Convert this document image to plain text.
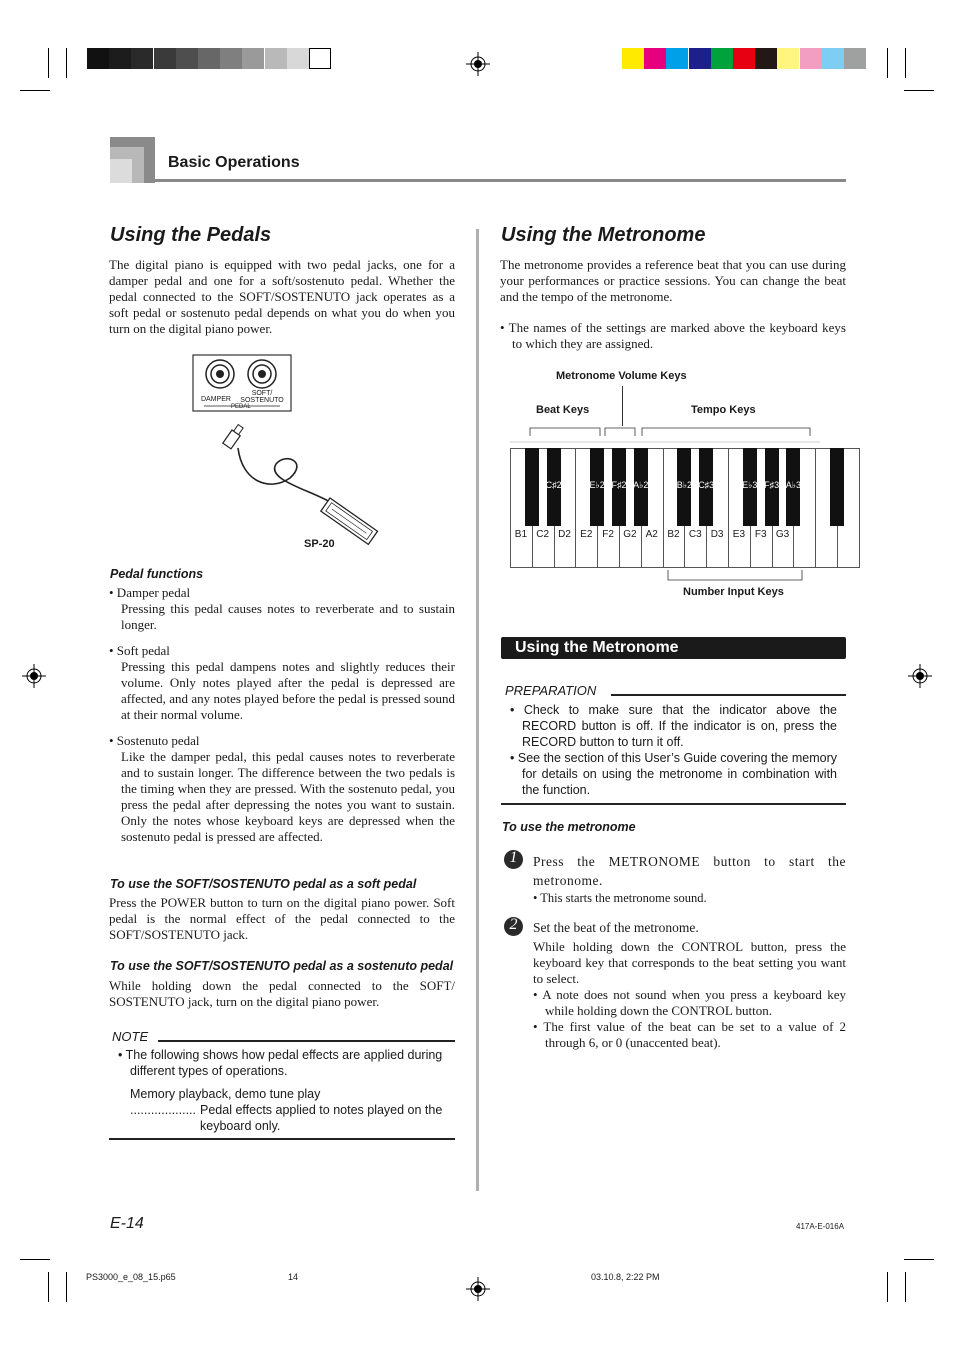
Basic Operations
Using the Pedals
The digital piano is equipped with two pedal jacks, one for a damper pedal and one for a soft/sostenuto pedal. Whether the pedal connected to the SOFT/SOSTENUTO jack operates as a soft pedal or sostenuto pedal depends on what you do when you turn on the digital piano power.
DAMPER
SOFT/
SOSTENUTO
PEDAL
SP-20
Pedal functions
• Damper pedal
Pressing this pedal causes notes to reverberate and to sustain longer.
• Soft pedal
Pressing this pedal dampens notes and slightly reduces their volume. Only notes played after the pedal is depressed are affected, and any notes played before the pedal is pressed sound at their normal volume.
• Sostenuto pedal
Like the damper pedal, this pedal causes notes to reverberate and to sustain longer. The difference between the two pedals is the timing when they are pressed. With the sostenuto pedal, you press the pedal after depressing the notes you want to sustain. Only the notes whose keyboard keys are depressed when the sostenuto pedal is pressed are affected.
To use the SOFT/SOSTENUTO pedal as a soft pedal
Press the POWER button to turn on the digital piano power. Soft pedal is the normal effect of the pedal connected to the SOFT/SOSTENUTO jack.
To use the SOFT/SOSTENUTO pedal as a sostenuto pedal
While holding down the pedal connected to the SOFT/ SOSTENUTO jack, turn on the digital piano power.
NOTE
• The following shows how pedal effects are applied during different types of operations.
Memory playback, demo tune play
................... Pedal effects applied to notes played on the keyboard only.
Using the Metronome
The metronome provides a reference beat that you can use during your performances or practice sessions. You can change the beat and the tempo of the metronome.
• The names of the settings are marked above the keyboard keys to which they are assigned.
Metronome Volume Keys
Beat Keys	Tempo Keys
B1 C2 D2 E2 F2 G2 A2 B2 C3 D3 E3 F3 G3
C♯2	E♭2 F♯2 A♭2	B♭2 C♯3	E♭3 F♯3 A♭3
Number Input Keys
Using the Metronome
PREPARATION
• Check to make sure that the indicator above the RECORD button is off. If the indicator is on, press the RECORD button to turn it off.
• See the section of this User’s Guide covering the memory for details on using the metronome in combination with the function.
To use the metronome
1	Press the METRONOME button to start the metronome.
• This starts the metronome sound.
2	Set the beat of the metronome.
While holding down the CONTROL button, press the keyboard key that corresponds to the beat setting you want to select.
• A note does not sound when you press a keyboard key while holding down the CONTROL button.
• The first value of the beat can be set to a value of 2 through 6, or 0 (unaccented beat).
E-14	417A-E-016A
PS3000_e_08_15.p65	14	03.10.8, 2:22 PM
